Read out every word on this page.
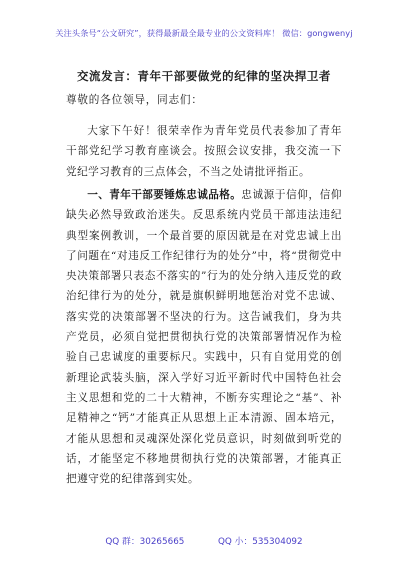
关注头条号“公文研究”，获得最新最全最专业的公文资料库！ 微信：gongwenyj
交流发言：青年干部要做党的纪律的坚决捍卫者
尊敬的各位领导，同志们：

大家下午好！很荣幸作为青年党员代表参加了青年干部党纪学习教育座谈会。按照会议安排，我交流一下党纪学习教育的三点体会，不当之处请批评指正。

一、青年干部要锤炼忠诚品格。忠诚源于信仰，信仰缺失必然导致政治迷失。反思系统内党员干部违法违纪典型案例教训，一个最首要的原因就是在对党忠诚上出了问题在“对违反工作纪律行为的处分”中，将“贯彻党中央决策部署只表态不落实的”行为的处分纳入违反党的政治纪律行为的处分，就是旗帜鲜明地惩治对党不忠诚、落实党的决策部署不坚决的行为。这告诫我们，身为共产党员，必须自觉把贯彻执行党的决策部署情况作为检验自己忠诚度的重要标尺。实践中，只有自觉用党的创新理论武装头脑，深入学好习近平新时代中国特色社会主义思想和党的二十大精神，不断夯实理论之“基”、补足精神之“钙”才能真正从思想上正本清源、固本培元，才能从思想和灵魂深处深化党员意识，时刻做到听党的话，才能坚定不移地贯彻执行党的决策部署，才能真正把遵守党的纪律落到实处。

QQ 群：30265665	QQ 小：535304092
